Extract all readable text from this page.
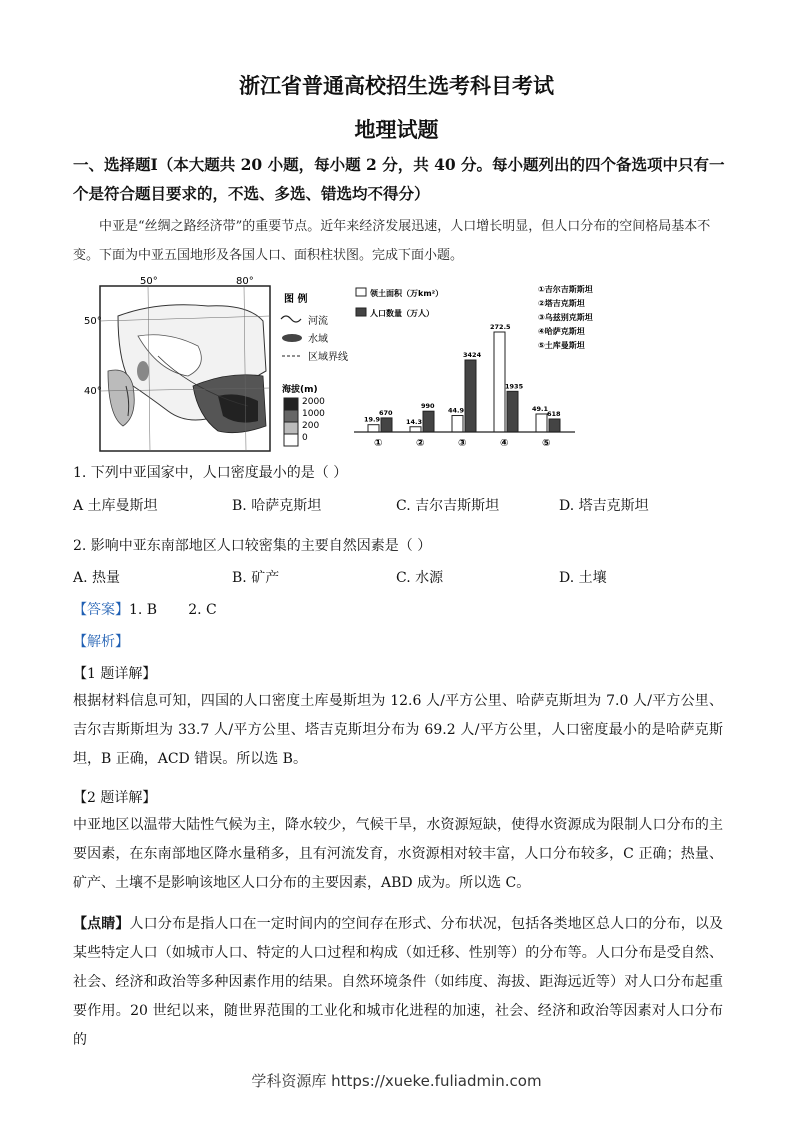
浙江省普通高校招生选考科目考试
地理试题
一、选择题Ⅰ（本大题共 20 小题，每小题 2 分，共 40 分。每小题列出的四个备选项中只有一个是符合题目要求的，不选、多选、错选均不得分）
中亚是“丝绸之路经济带”的重要节点。近年来经济发展迅速，人口增长明显，但人口分布的空间格局基本不变。下面为中亚五国地形及各国人口、面积柱状图。完成下面小题。
50°	80°
50°
40°
图 例
河流
水域
区域界线
海拔(m)
2000
1000
200
0
领土面积（万km²）
人口数量（万人）
①吉尔吉斯斯坦
②塔吉克斯坦
③乌兹别克斯坦
④哈萨克斯坦
⑤土库曼斯坦
19.9
670
①
14.3
990
②
44.9
3424
③
272.5
1935
④
49.1
618
⑤
1. 下列中亚国家中，人口密度最小的是（ ）
A 土库曼斯坦	B. 哈萨克斯坦	C. 吉尔吉斯斯坦	D. 塔吉克斯坦
2. 影响中亚东南部地区人口较密集的主要自然因素是（ ）
A. 热量	B. 矿产	C. 水源	D. 土壤
【答案】1. B       2. C
【解析】
【1 题详解】
根据材料信息可知，四国的人口密度土库曼斯坦为 12.6 人/平方公里、哈萨克斯坦为 7.0 人/平方公里、吉尔吉斯斯坦为 33.7 人/平方公里、塔吉克斯坦分布为 69.2 人/平方公里，人口密度最小的是哈萨克斯坦，B 正确，ACD 错误。所以选 B。
【2 题详解】
中亚地区以温带大陆性气候为主，降水较少，气候干旱，水资源短缺，使得水资源成为限制人口分布的主要因素，在东南部地区降水量稍多，且有河流发育，水资源相对较丰富，人口分布较多，C 正确；热量、矿产、土壤不是影响该地区人口分布的主要因素，ABD 成为。所以选 C。
【点睛】人口分布是指人口在一定时间内的空间存在形式、分布状况，包括各类地区总人口的分布，以及某些特定人口（如城市人口、特定的人口过程和构成（如迁移、性别等）的分布等。人口分布是受自然、社会、经济和政治等多种因素作用的结果。自然环境条件（如纬度、海拔、距海远近等）对人口分布起重要作用。20 世纪以来，随世界范围的工业化和城市化进程的加速，社会、经济和政治等因素对人口分布的
学科资源库 https://xueke.fuliadmin.com
